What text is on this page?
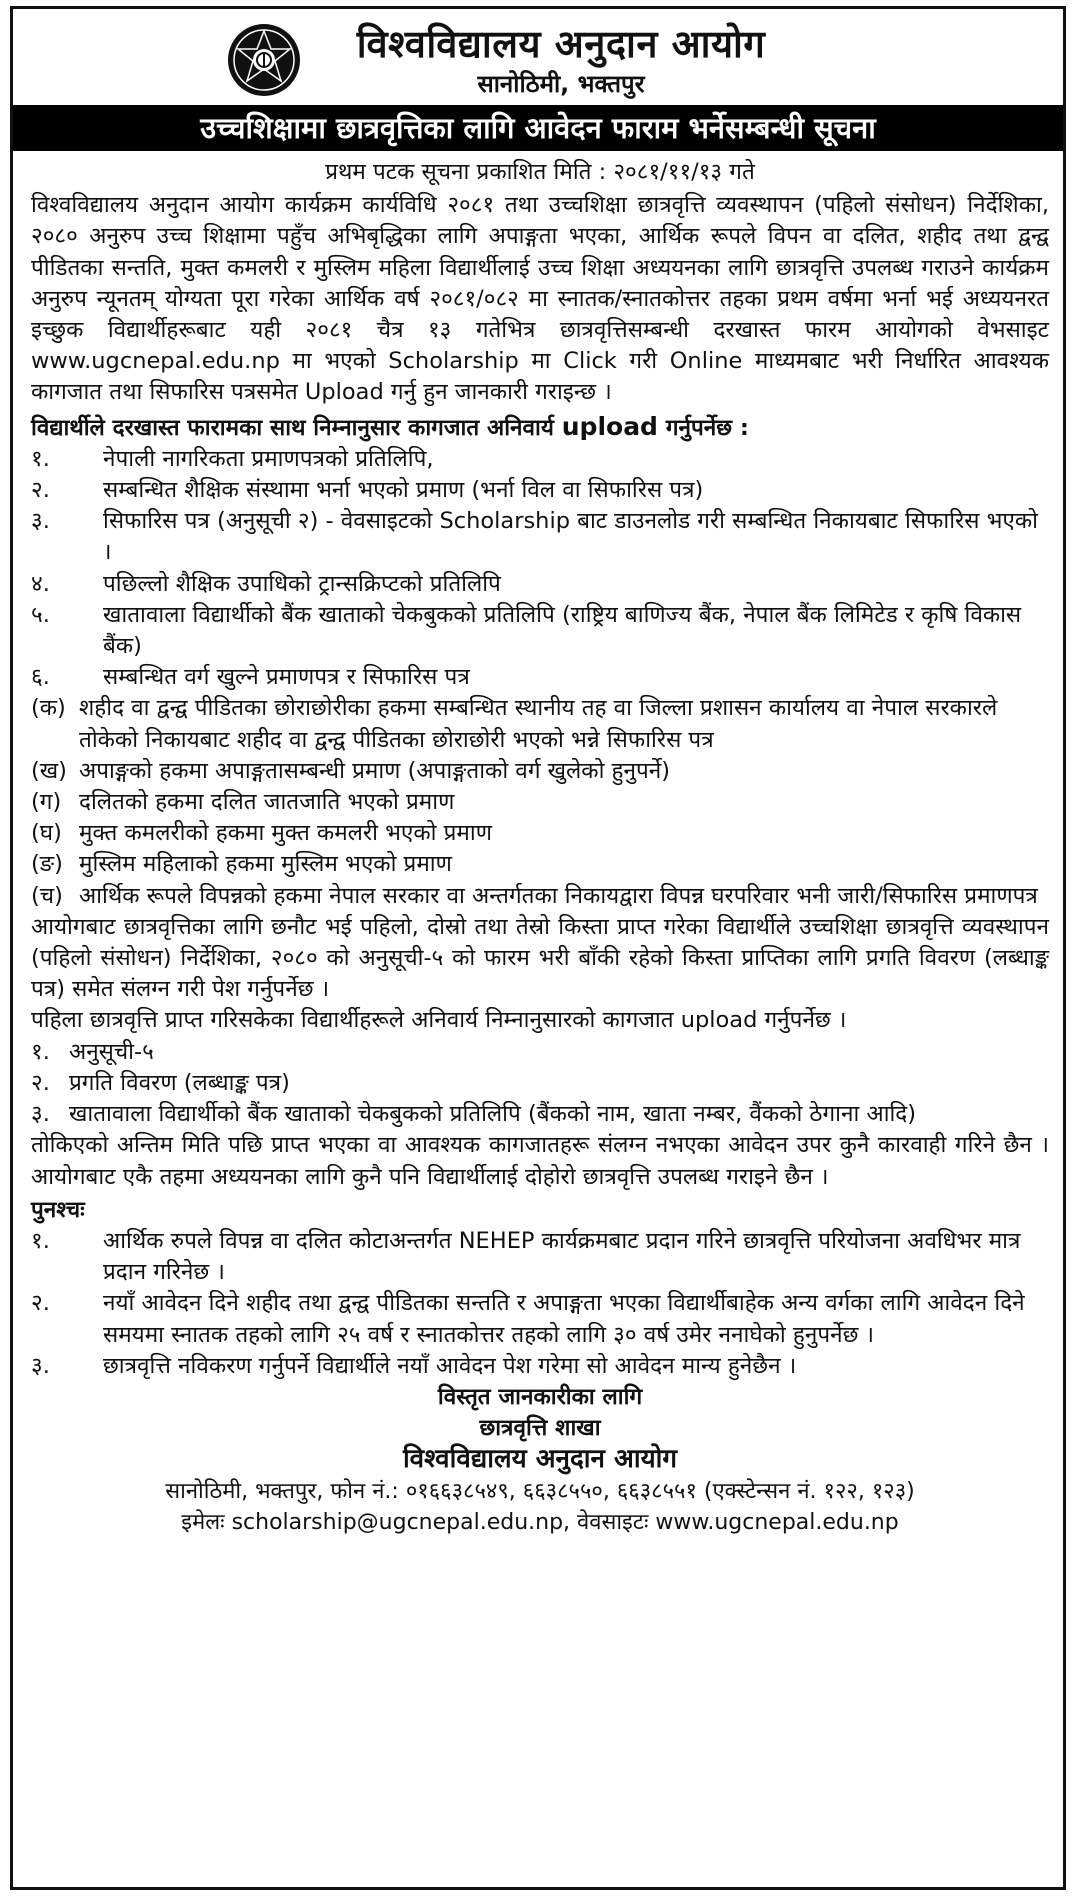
विश्वविद्यालय अनुदान आयोग
सानोठिमी, भक्तपुर
उच्चशिक्षामा छात्रवृत्तिका लागि आवेदन फाराम भर्नेसम्बन्धी सूचना
प्रथम पटक सूचना प्रकाशित मिति : २०८१/११/१३ गते

विश्वविद्यालय अनुदान आयोग कार्यक्रम कार्यविधि २०८१ तथा उच्चशिक्षा छात्रवृत्ति व्यवस्थापन (पहिलो संसोधन) निर्देशिका, २०८० अनुरुप उच्च शिक्षामा पहुँच अभिबृद्धिका लागि अपाङ्गता भएका, आर्थिक रूपले विपन वा दलित, शहीद तथा द्वन्द्व पीडितका सन्तति, मुक्त कमलरी र मुस्लिम महिला विद्यार्थीलाई उच्च शिक्षा अध्ययनका लागि छात्रवृत्ति उपलब्ध गराउने कार्यक्रम अनुरुप न्यूनतम् योग्यता पूरा गरेका आर्थिक वर्ष २०८१/०८२ मा स्नातक/स्नातकोत्तर तहका प्रथम वर्षमा भर्ना भई अध्ययनरत इच्छुक विद्यार्थीहरूबाट यही २०८१ चैत्र १३ गतेभित्र छात्रवृत्तिसम्बन्धी दरखास्त फारम आयोगको वेभसाइट www.ugcnepal.edu.np मा भएको Scholarship मा Click गरी Online माध्यमबाट भरी निर्धारित आवश्यक कागजात तथा सिफारिस पत्रसमेत Upload गर्नु हुन जानकारी गराइन्छ ।

विद्यार्थीले दरखास्त फारामका साथ निम्नानुसार कागजात अनिवार्य upload गर्नुपर्नेछ :
१.	नेपाली नागरिकता प्रमाणपत्रको प्रतिलिपि,
२.	सम्बन्धित शैक्षिक संस्थामा भर्ना भएको प्रमाण (भर्ना विल वा सिफारिस पत्र)
३.	सिफारिस पत्र (अनुसूची २) - वेवसाइटको Scholarship बाट डाउनलोड गरी सम्बन्धित निकायबाट सिफारिस भएको ।
४.	पछिल्लो शैक्षिक उपाधिको ट्रान्सक्रिप्टको प्रतिलिपि
५.	खातावाला विद्यार्थीको बैंक खाताको चेकबुकको प्रतिलिपि (राष्ट्रिय बाणिज्य बैंक, नेपाल बैंक लिमिटेड र कृषि विकास बैंक)
६.	सम्बन्धित वर्ग खुल्ने प्रमाणपत्र र सिफारिस पत्र
(क) शहीद वा द्वन्द्व पीडितका छोराछोरीका हकमा सम्बन्धित स्थानीय तह वा जिल्ला प्रशासन कार्यालय वा नेपाल सरकारले तोकेको निकायबाट शहीद वा द्वन्द्व पीडितका छोराछोरी भएको भन्ने सिफारिस पत्र
(ख) अपाङ्गको हकमा अपाङ्गतासम्बन्धी प्रमाण (अपाङ्गताको वर्ग खुलेको हुनुपर्ने)
(ग) दलितको हकमा दलित जातजाति भएको प्रमाण
(घ) मुक्त कमलरीको हकमा मुक्त कमलरी भएको प्रमाण
(ङ) मुस्लिम महिलाको हकमा मुस्लिम भएको प्रमाण
(च) आर्थिक रूपले विपन्नको हकमा नेपाल सरकार वा अन्तर्गतका निकायद्वारा विपन्न घरपरिवार भनी जारी/सिफारिस प्रमाणपत्र

आयोगबाट छात्रवृत्तिका लागि छनौट भई पहिलो, दोस्रो तथा तेस्रो किस्ता प्राप्त गरेका विद्यार्थीले उच्चशिक्षा छात्रवृत्ति व्यवस्थापन (पहिलो संसोधन) निर्देशिका, २०८० को अनुसूची-५ को फारम भरी बाँकी रहेको किस्ता प्राप्तिका लागि प्रगति विवरण (लब्धाङ्क पत्र) समेत संलग्न गरी पेश गर्नुपर्नेछ ।

पहिला छात्रवृत्ति प्राप्त गरिसकेका विद्यार्थीहरूले अनिवार्य निम्नानुसारको कागजात upload गर्नुपर्नेछ ।

१. अनुसूची-५
२. प्रगति विवरण (लब्धाङ्क पत्र)
३. खातावाला विद्यार्थीको बैंक खाताको चेकबुकको प्रतिलिपि (बैंकको नाम, खाता नम्बर, वैंकको ठेगाना आदि)

तोकिएको अन्तिम मिति पछि प्राप्त भएका वा आवश्यक कागजातहरू संलग्न नभएका आवेदन उपर कुनै कारवाही गरिने छैन । आयोगबाट एकै तहमा अध्ययनका लागि कुनै पनि विद्यार्थीलाई दोहोरो छात्रवृत्ति उपलब्ध गराइने छैन ।

पुनश्चः
१.	आर्थिक रुपले विपन्न वा दलित कोटाअन्तर्गत NEHEP कार्यक्रमबाट प्रदान गरिने छात्रवृत्ति परियोजना अवधिभर मात्र प्रदान गरिनेछ ।
२.	नयाँ आवेदन दिने शहीद तथा द्वन्द्व पीडितका सन्तति र अपाङ्गता भएका विद्यार्थीबाहेक अन्य वर्गका लागि आवेदन दिने समयमा स्नातक तहको लागि २५ वर्ष र स्नातकोत्तर तहको लागि ३० वर्ष उमेर ननाघेको हुनुपर्नेछ ।
३.	छात्रवृत्ति नविकरण गर्नुपर्ने विद्यार्थीले नयाँ आवेदन पेश गरेमा सो आवेदन मान्य हुनेछैन ।
विस्तृत जानकारीका लागि
छात्रवृत्ति शाखा
विश्वविद्यालय अनुदान आयोग
सानोठिमी, भक्तपुर, फोन नं.: ०१६६३८५४९, ६६३८५५०, ६६३८५५१ (एक्स्टेन्सन नं. १२२, १२३)
इमेलः scholarship@ugcnepal.edu.np, वेवसाइटः www.ugcnepal.edu.np
